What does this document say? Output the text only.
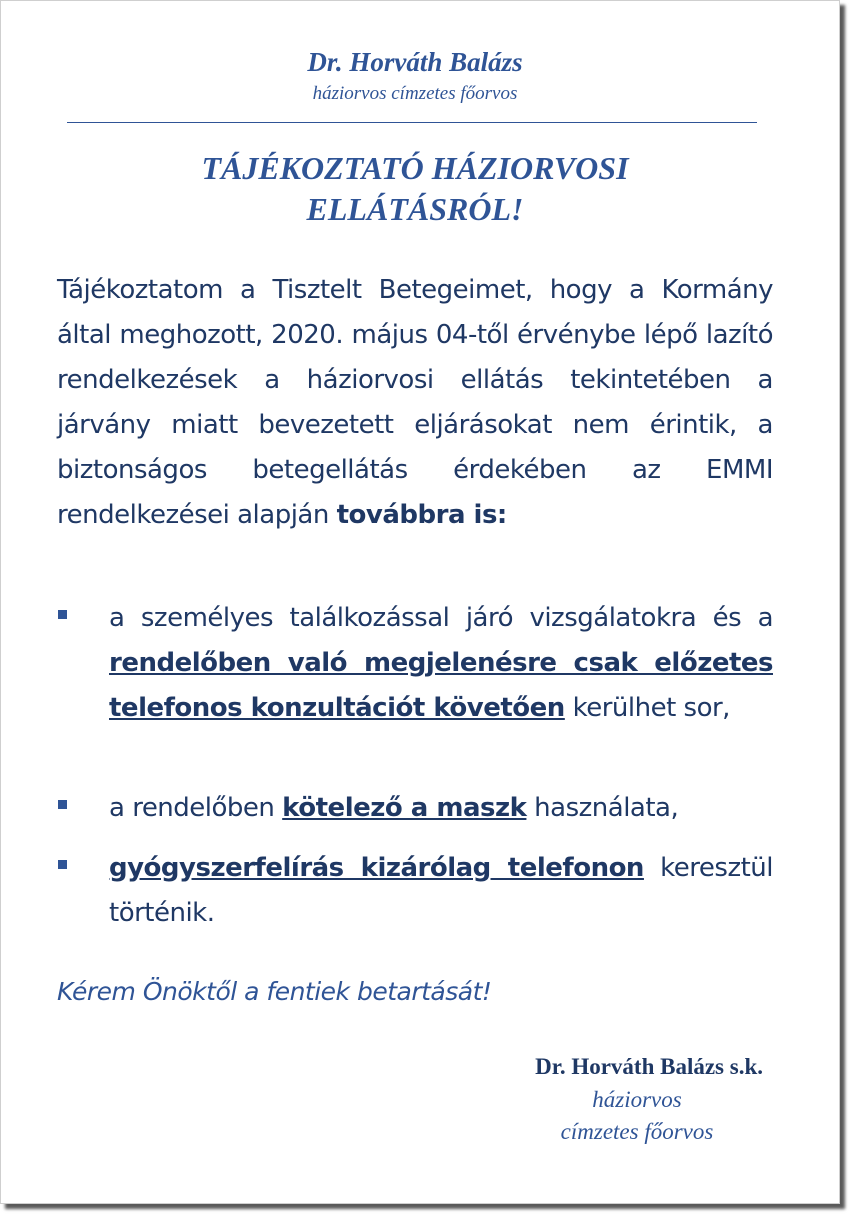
Dr. Horváth Balázs
háziorvos címzetes főorvos
TÁJÉKOZTATÓ HÁZIORVOSI
ELLÁTÁSRÓL!
Tájékoztatom a Tisztelt Betegeimet, hogy a Kormány által meghozott, 2020. május 04-től érvénybe lépő lazító rendelkezések a háziorvosi ellátás tekintetében a járvány miatt bevezetett eljárásokat nem érintik, a biztonságos betegellátás érdekében az EMMI rendelkezései alapján továbbra is:
a személyes találkozással járó vizsgálatokra és a rendelőben való megjelenésre csak előzetes telefonos konzultációt követően kerülhet sor,
a rendelőben kötelező a maszk használata,
gyógyszerfelírás kizárólag telefonon keresztül történik.
Kérem Önöktől a fentiek betartását!
Dr. Horváth Balázs s.k.
háziorvos
címzetes főorvos
